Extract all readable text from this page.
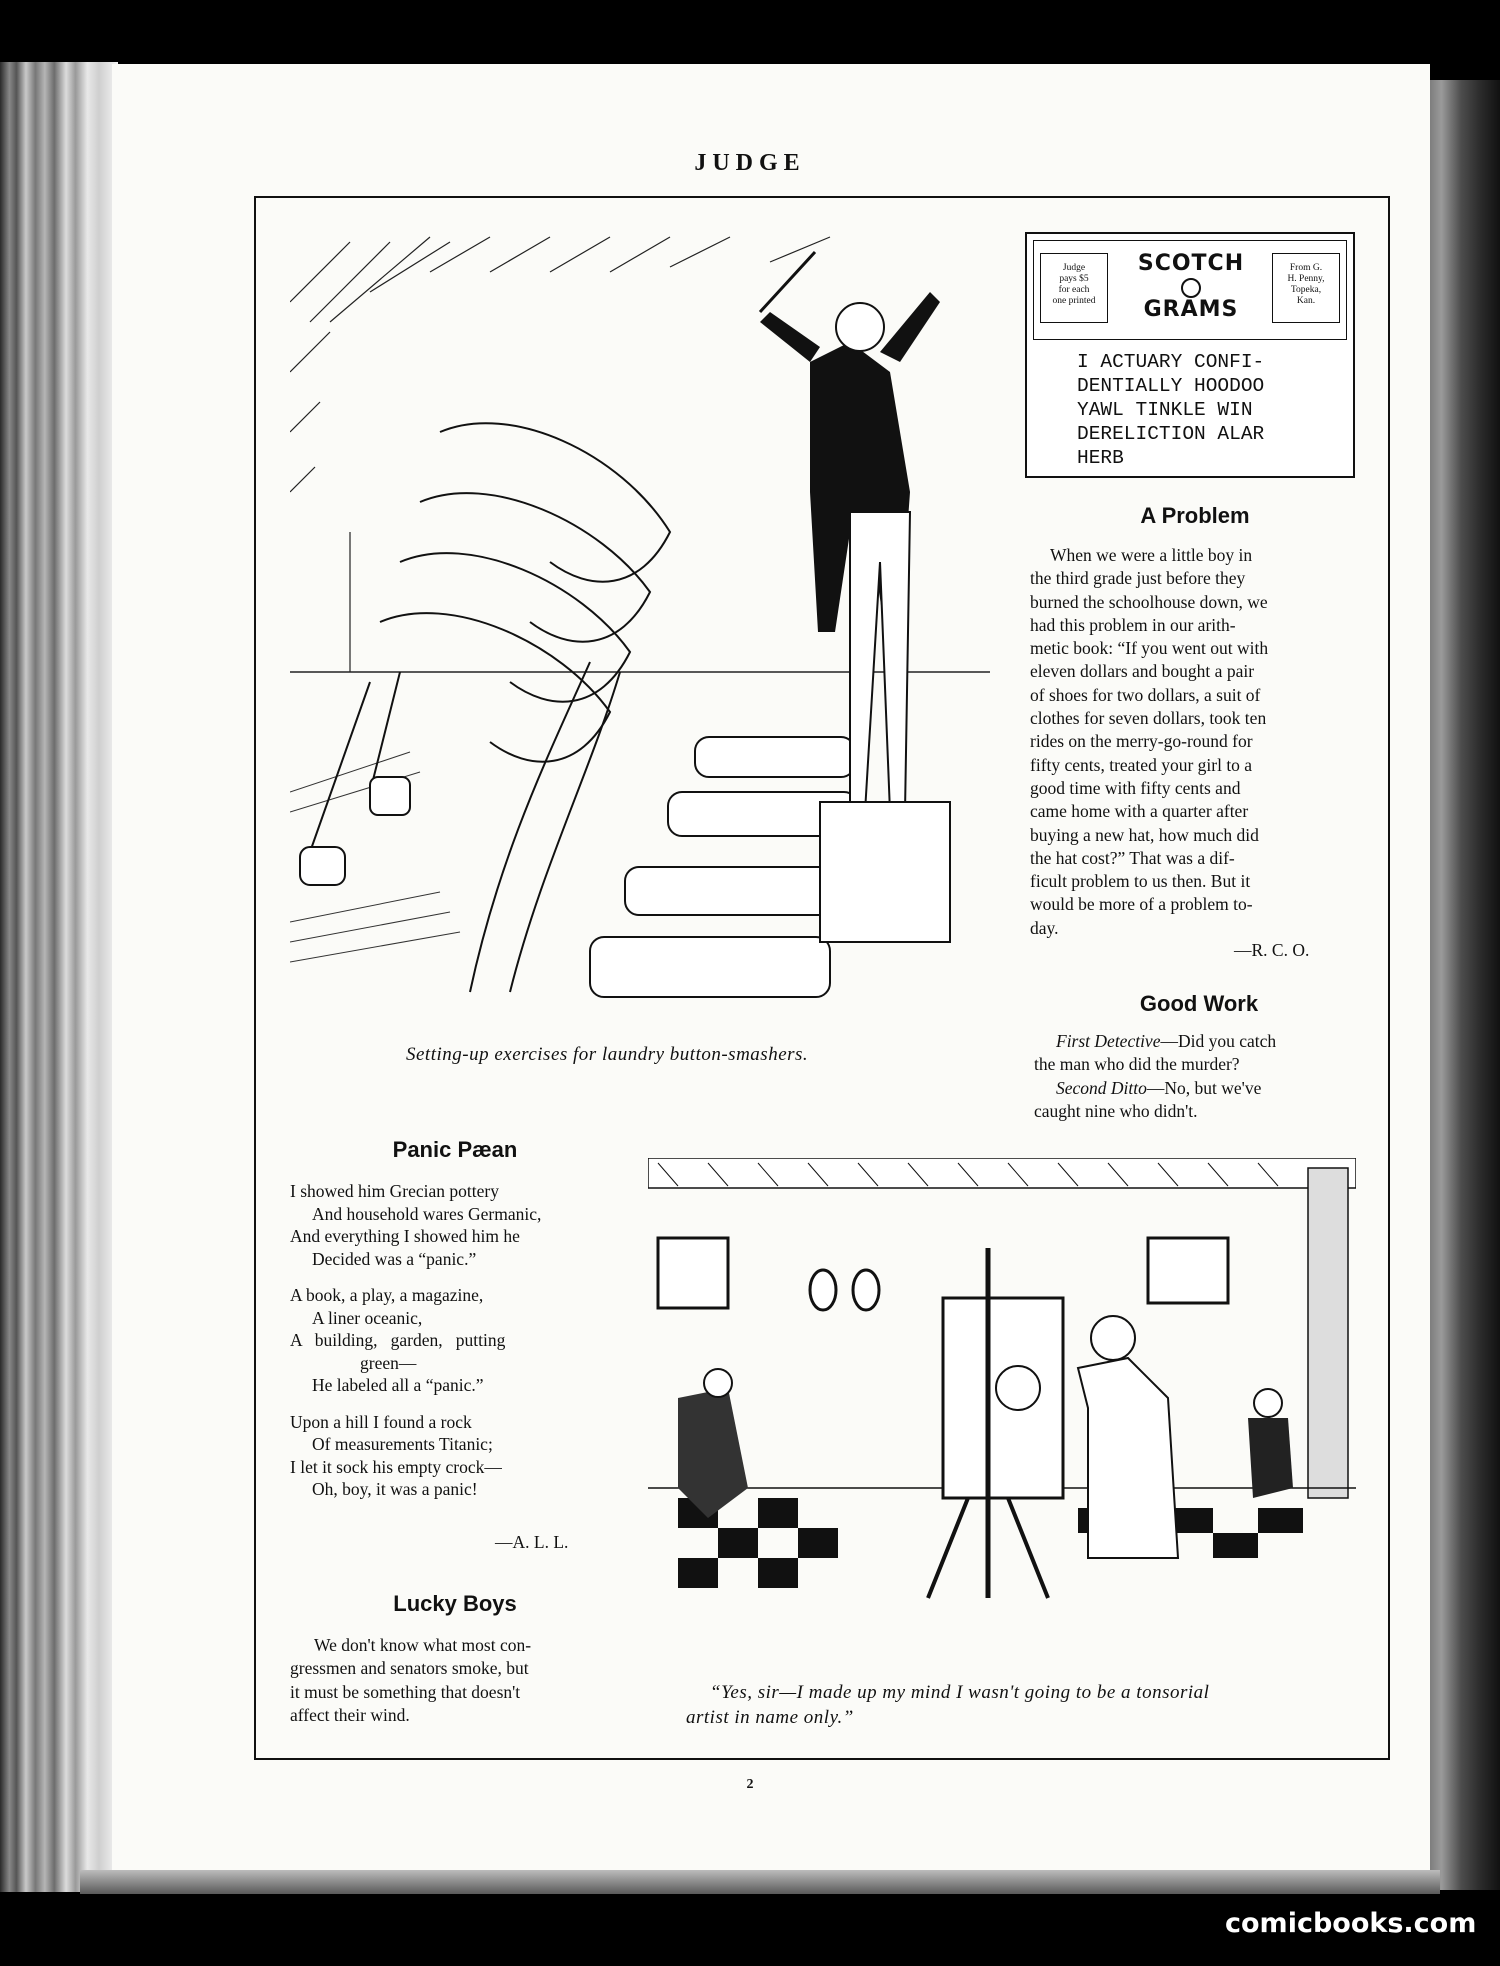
JUDGE
Setting-up exercises for laundry button-smashers.
Judge
pays $5
for each
one printed
SCOTCH
GRAMS
From G.
H. Penny,
Topeka,
Kan.
I ACTUARY CONFI-
DENTIALLY HOODOO
YAWL TINKLE WIN
DERELICTION ALAR
HERB
A Problem
When we were a little boy in
the third grade just before they
burned the schoolhouse down, we
had this problem in our arith-
metic book: “If you went out with
eleven dollars and bought a pair
of shoes for two dollars, a suit of
clothes for seven dollars, took ten
rides on the merry-go-round for
fifty cents, treated your girl to a
good time with fifty cents and
came home with a quarter after
buying a new hat, how much did
the hat cost?” That was a dif-
ficult problem to us then. But it
would be more of a problem to-
day.
—R. C. O.
Good Work
First Detective—Did you catch
the man who did the murder?
Second Ditto—No, but we've
caught nine who didn't.
Panic Pæan
I showed him Grecian pottery
And household wares Germanic,
And everything I showed him he
Decided was a “panic.”
A book, a play, a magazine,
A liner oceanic,
A   building,   garden,   putting
green—
He labeled all a “panic.”
Upon a hill I found a rock
Of measurements Titanic;
I let it sock his empty crock—
Oh, boy, it was a panic!
—A. L. L.
Lucky Boys
We don't know what most con-
gressmen and senators smoke, but
it must be something that doesn't
affect their wind.
“Yes, sir—I made up my mind I wasn't going to be a tonsorial
artist in name only.”
2
comicbooks.com
